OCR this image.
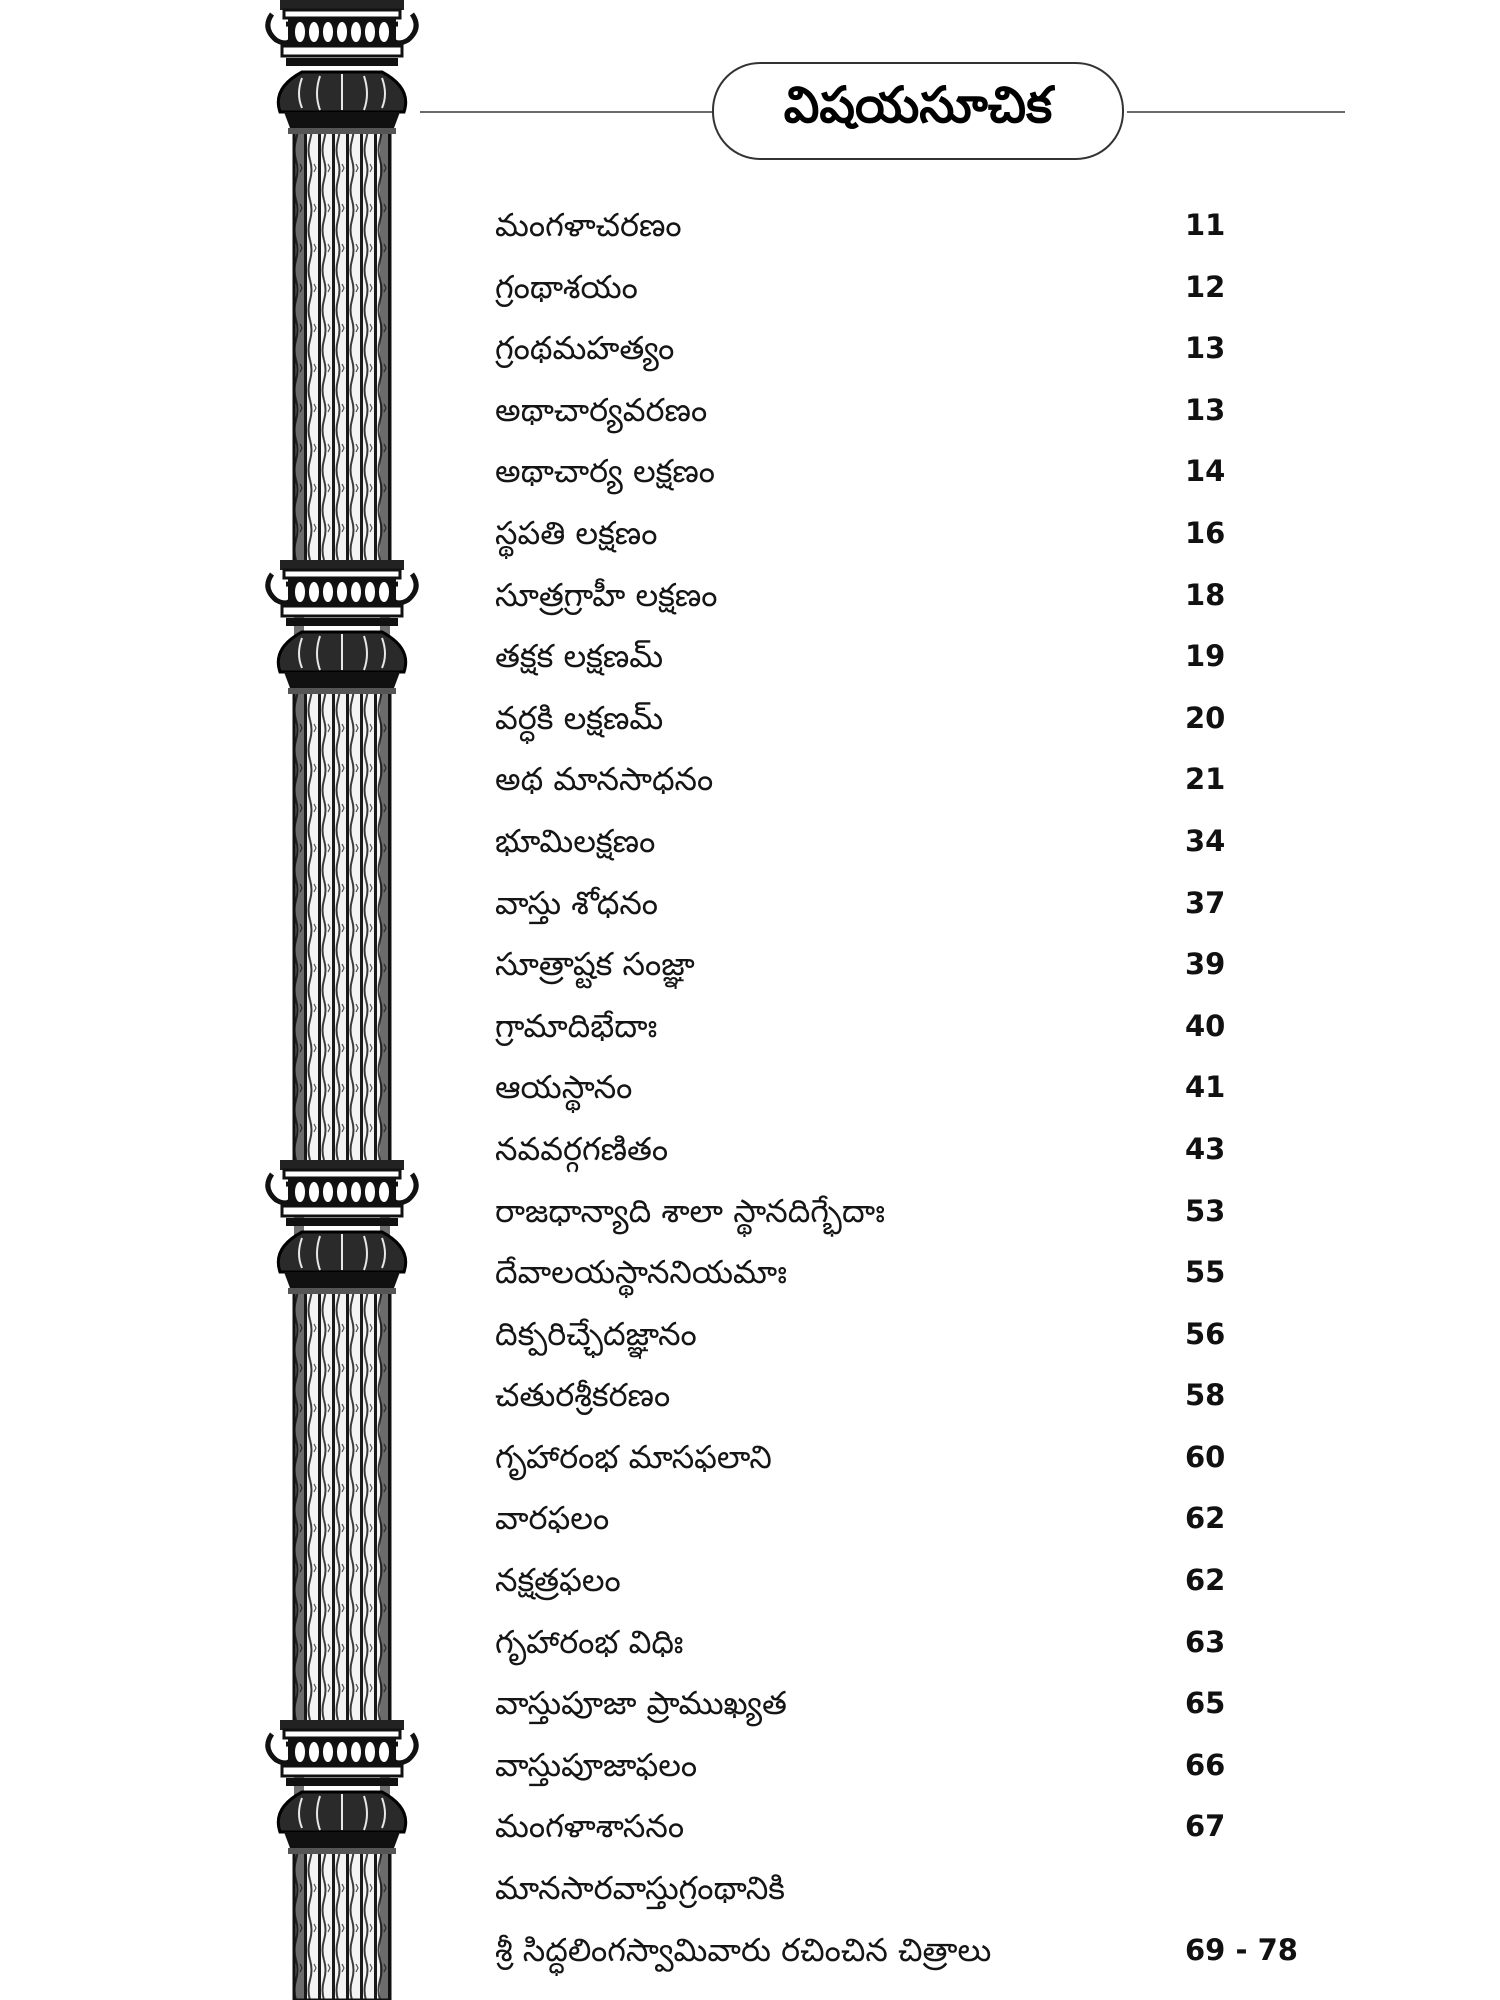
విషయసూచిక
మంగళాచరణం	11
గ్రంథాశయం	12
గ్రంథమహత్యం	13
అథాచార్యవరణం	13
అథాచార్య లక్షణం	14
స్థపతి లక్షణం	16
సూత్రగ్రాహీ లక్షణం	18
తక్షక లక్షణమ్	19
వర్ధకి లక్షణమ్	20
అథ మానసాధనం	21
భూమిలక్షణం	34
వాస్తు శోధనం	37
సూత్రాష్టక సంజ్ఞా	39
గ్రామాదిభేదాః	40
ఆయస్థానం	41
నవవర్గగణితం	43
రాజధాన్యాది శాలా స్థానదిగ్భేదాః	53
దేవాలయస్థాననియమాః	55
దిక్పరిచ్ఛేదజ్ఞానం	56
చతురశ్రీకరణం	58
గృహారంభ మాసఫలాని	60
వారఫలం	62
నక్షత్రఫలం	62
గృహారంభ విధిః	63
వాస్తుపూజా ప్రాముఖ్యత	65
వాస్తుపూజాఫలం	66
మంగళాశాసనం	67
మానసారవాస్తుగ్రంథానికి
శ్రీ సిద్ధలింగస్వామివారు రచించిన చిత్రాలు	69 - 78
